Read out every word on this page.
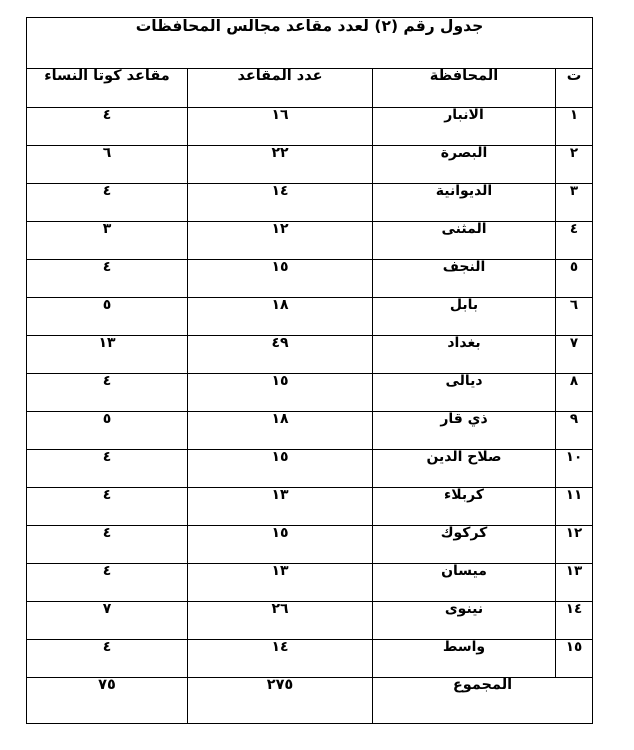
جدول رقم (٢) لعدد مقاعد مجالس المحافظات			

ت	المحافظة	عدد المقاعد	مقاعد كوتا النساء
١	الانبار	١٦	٤
٢	البصرة	٢٢	٦
٣	الديوانية	١٤	٤
٤	المثنى	١٢	٣
٥	النجف	١٥	٤
٦	بابل	١٨	٥
٧	بغداد	٤٩	١٣
٨	ديالى	١٥	٤
٩	ذي قار	١٨	٥
١٠	صلاح الدين	١٥	٤
١١	كربلاء	١٣	٤
١٢	كركوك	١٥	٤
١٣	ميسان	١٣	٤
١٤	نينوى	٢٦	٧
١٥	واسط	١٤	٤
المجموع		٢٧٥	٧٥
